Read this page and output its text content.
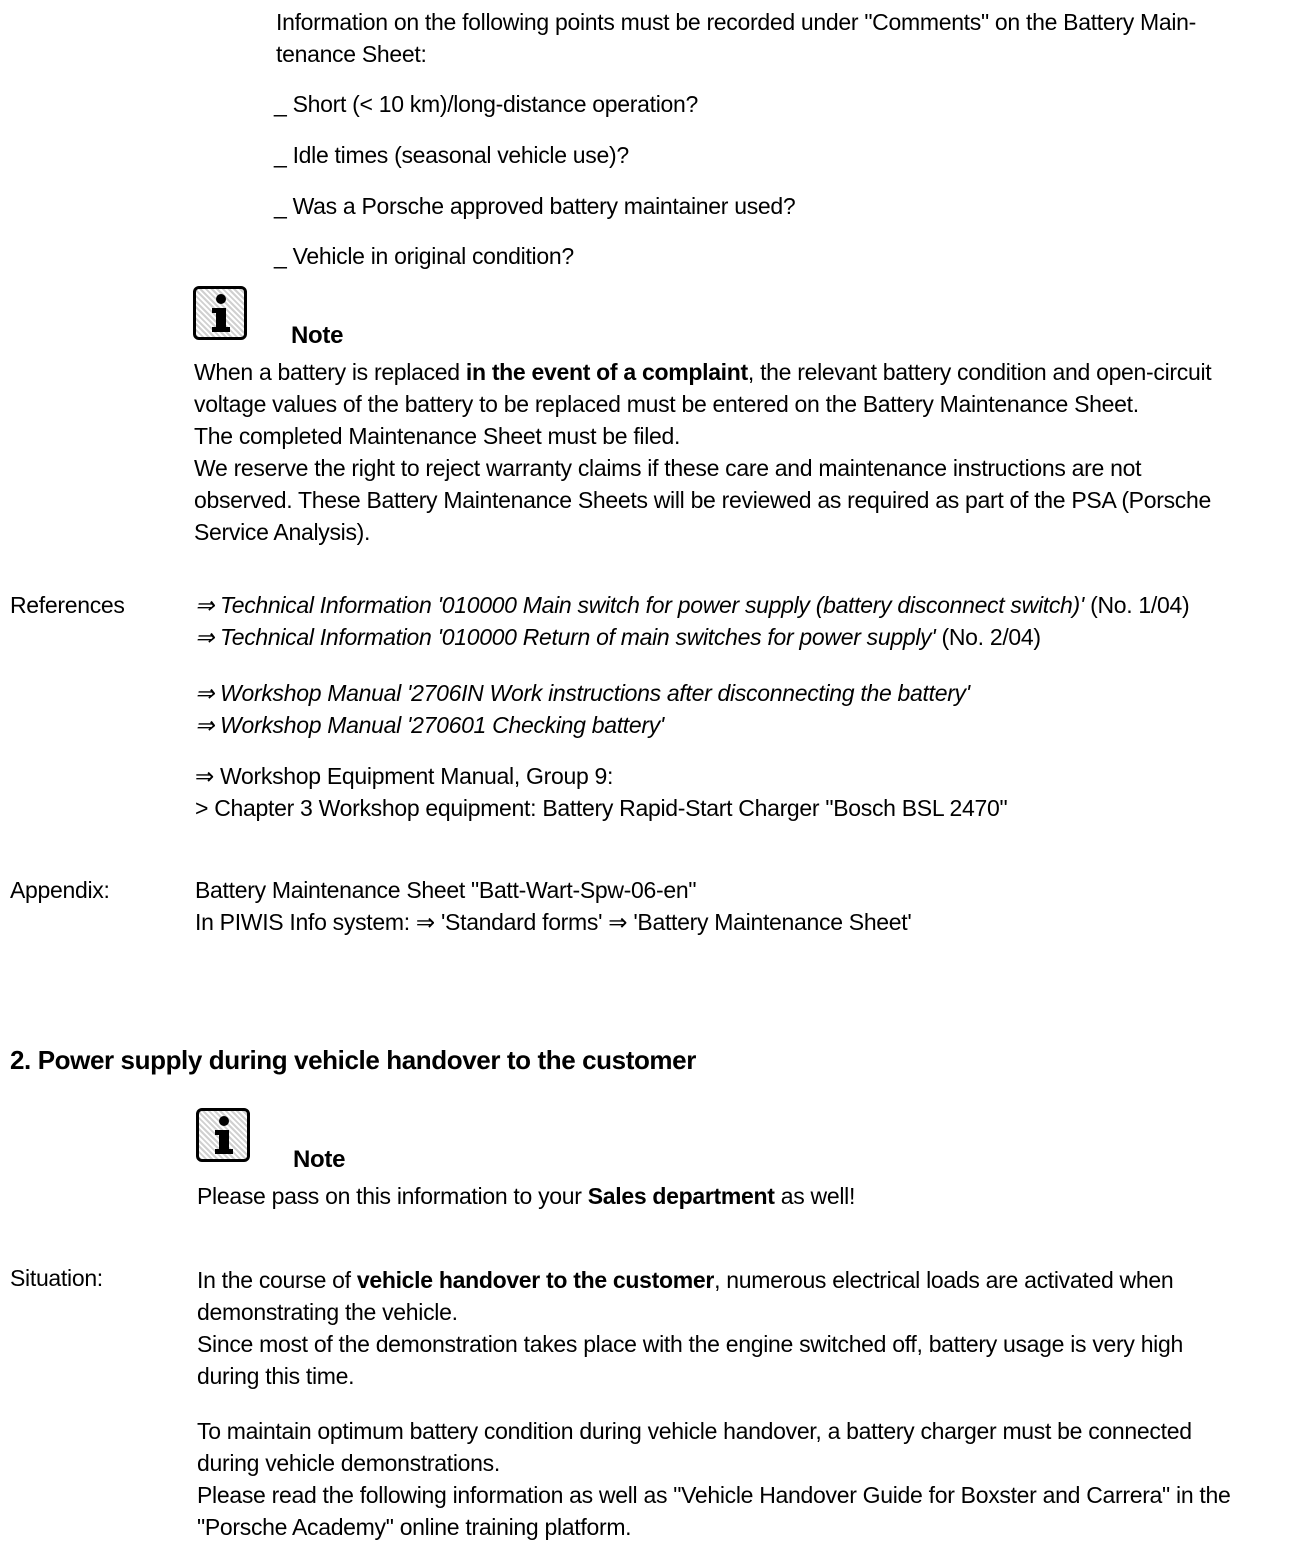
Information on the following points must be recorded under "Comments" on the Battery Main-

tenance Sheet:

_ Short (< 10 km)/long-distance operation?

_ Idle times (seasonal vehicle use)?

_ Was a Porsche approved battery maintainer used?

_ Vehicle in original condition?

Note

When a battery is replaced in the event of a complaint, the relevant battery condition and open-circuit

voltage values of the battery to be replaced must be entered on the Battery Maintenance Sheet.

The completed Maintenance Sheet must be filed.

We reserve the right to reject warranty claims if these care and maintenance instructions are not

observed. These Battery Maintenance Sheets will be reviewed as required as part of the PSA (Porsche

Service Analysis).

References	⇒ Technical Information '010000 Main switch for power supply (battery disconnect switch)' (No. 1/04)

⇒ Technical Information '010000 Return of main switches for power supply' (No. 2/04)

⇒ Workshop Manual '2706IN Work instructions after disconnecting the battery'

⇒ Workshop Manual '270601 Checking battery'

⇒ Workshop Equipment Manual, Group 9:

> Chapter 3 Workshop equipment: Battery Rapid-Start Charger "Bosch BSL 2470"

Appendix:	Battery Maintenance Sheet "Batt-Wart-Spw-06-en"

In PIWIS Info system: ⇒ 'Standard forms' ⇒ 'Battery Maintenance Sheet'

2. Power supply during vehicle handover to the customer
Note

Please pass on this information to your Sales department as well!

Situation:	In the course of vehicle handover to the customer, numerous electrical loads are activated when

demonstrating the vehicle.

Since most of the demonstration takes place with the engine switched off, battery usage is very high

during this time.

To maintain optimum battery condition during vehicle handover, a battery charger must be connected

during vehicle demonstrations.

Please read the following information as well as "Vehicle Handover Guide for Boxster and Carrera" in the

"Porsche Academy" online training platform.
